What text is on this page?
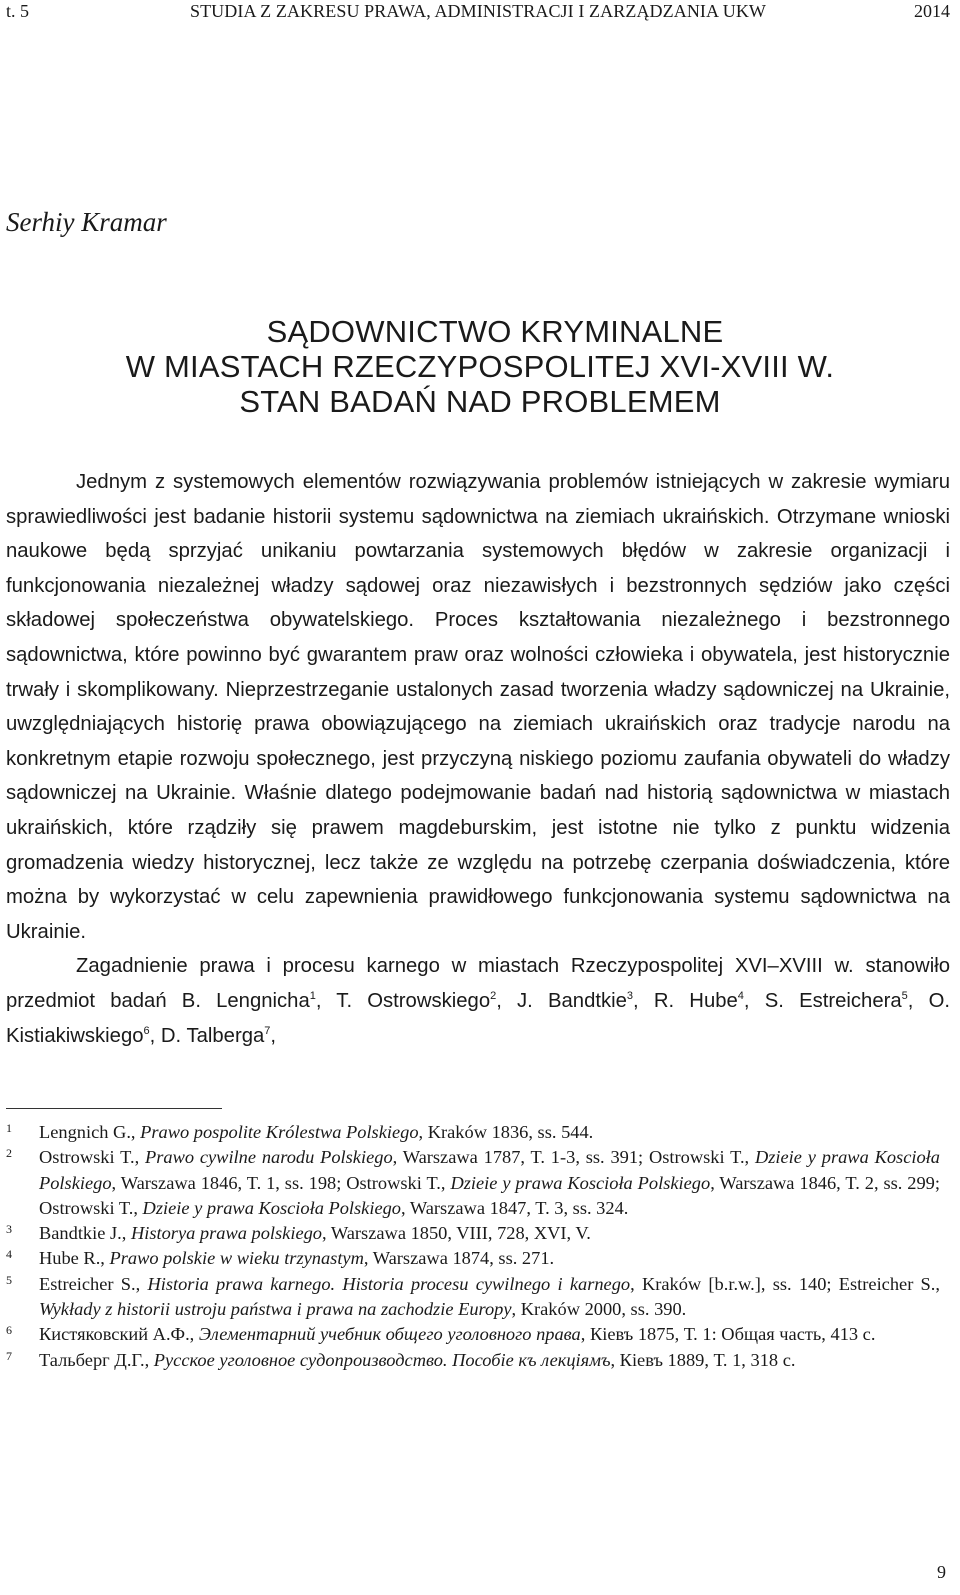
t. 5	STUDIA Z ZAKRESU PRAWA, ADMINISTRACJI I ZARZĄDZANIA UKW	2014
Serhiy Kramar
SĄDOWNICTWO KRYMINALNE
W MIASTACH RZECZYPOSPOLITEJ XVI-XVIII W.
STAN BADAŃ NAD PROBLEMEM

Jednym z systemowych elementów rozwiązywania problemów istniejących w zakresie wymiaru sprawiedliwości jest badanie historii systemu sądownictwa na ziemiach ukraińskich. Otrzymane wnioski naukowe będą sprzyjać unikaniu powtarzania systemowych błędów w zakresie organizacji i funkcjonowania niezależnej władzy sądowej oraz niezawisłych i bezstronnych sędziów jako części składowej społeczeństwa obywatelskiego. Proces kształtowania niezależnego i bezstronnego sądownictwa, które powinno być gwarantem praw oraz wolności człowieka i obywatela, jest historycznie trwały i skomplikowany. Nieprzestrzeganie ustalonych zasad tworzenia władzy sądowniczej na Ukrainie, uwzględniających historię prawa obowiązującego na ziemiach ukraińskich oraz tradycje narodu na konkretnym etapie rozwoju społecznego, jest przyczyną niskiego poziomu zaufania obywateli do władzy sądowniczej na Ukrainie. Właśnie dlatego podejmowanie badań nad historią sądownictwa w miastach ukraińskich, które rządziły się prawem magdeburskim, jest istotne nie tylko z punktu widzenia gromadzenia wiedzy historycznej, lecz także ze względu na potrzebę czerpania doświadczenia, które można by wykorzystać w celu zapewnienia prawidłowego funkcjonowania systemu sądownictwa na Ukrainie.

Zagadnienie prawa i procesu karnego w miastach Rzeczypospolitej XVI–XVIII w. stanowiło przedmiot badań B. Lengnicha$^1$, T. Ostrowskiego$^2$, J. Bandtkie$^3$, R. Hube$^4$, S. Estreichera$^5$, O. Kistiakiwskiego$^6$, D. Talberga$^7$,

1 Lengnich G., Prawo pospolite Królestwa Polskiego, Kraków 1836, ss. 544.
2 Ostrowski T., Prawo cywilne narodu Polskiego, Warszawa 1787, T. 1-3, ss. 391; Ostrowski T., Dzieie y prawa Koscioła Polskiego, Warszawa 1846, T. 1, ss. 198; Ostrowski T., Dzieie y prawa Koscioła Polskiego, Warszawa 1846, T. 2, ss. 299; Ostrowski T., Dzieie y prawa Koscioła Polskiego, Warszawa 1847, T. 3, ss. 324.
3 Bandtkie J., Historya prawa polskiego, Warszawa 1850, VIII, 728, XVI, V.
4 Hube R., Prawo polskie w wieku trzynastym, Warszawa 1874, ss. 271.
5 Estreicher S., Historia prawa karnego. Historia procesu cywilnego i karnego, Kraków [b.r.w.], ss. 140; Estreicher S., Wykłady z historii ustroju państwa i prawa na zachodzie Europy, Kraków 2000, ss. 390.
6 Кистяковский А.Ф., Элементарний учебник общего уголовного права, Кiевъ 1875, Т. 1: Общая часть, 413 с.
7 Тальберг Д.Г., Русское уголовное судопроизводство. Пособiе къ лекцiямъ, Кiевъ 1889, Т. 1, 318 с.
9
